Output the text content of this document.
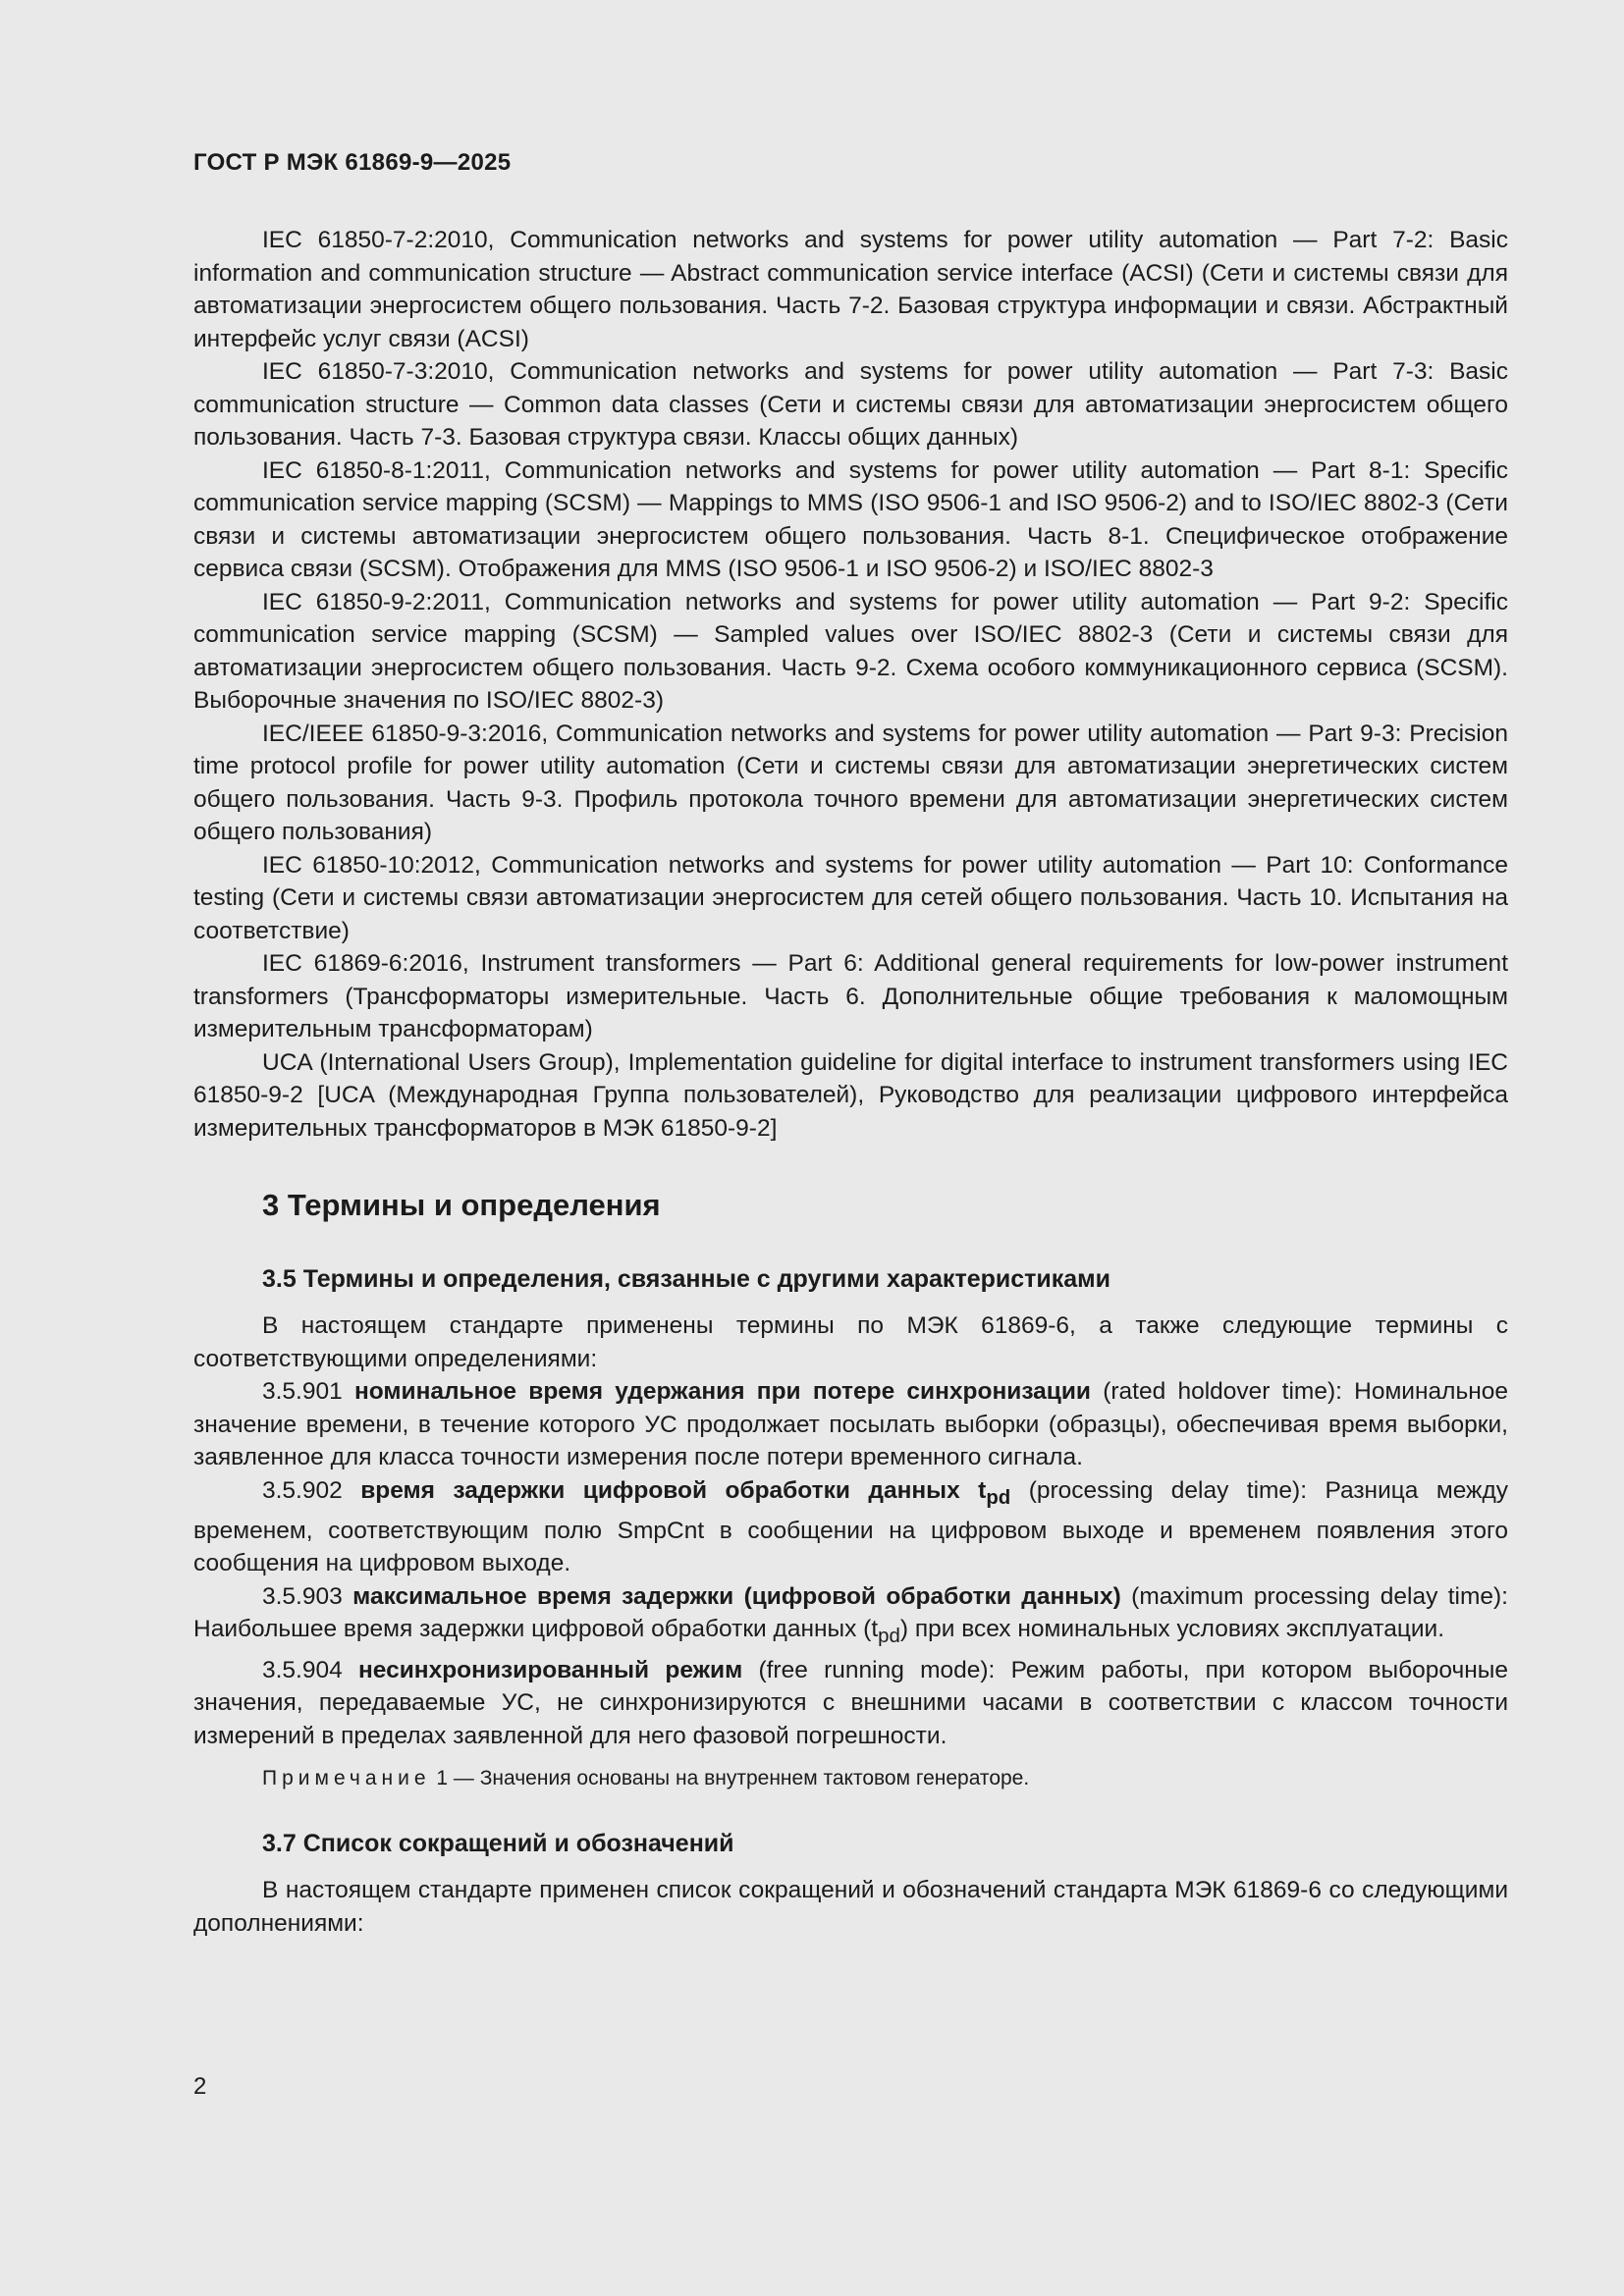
ГОСТ Р МЭК 61869-9—2025

IEC 61850-7-2:2010, Communication networks and systems for power utility automation — Part 7-2: Basic information and communication structure — Abstract communication service interface (ACSI) (Сети и системы связи для автоматизации энергосистем общего пользования. Часть 7-2. Базовая структура информации и связи. Абстрактный интерфейс услуг связи (ACSI)

IEC 61850-7-3:2010, Communication networks and systems for power utility automation — Part 7-3: Basic communication structure — Common data classes (Сети и системы связи для автоматизации энергосистем общего пользования. Часть 7-3. Базовая структура связи. Классы общих данных)

IEC 61850-8-1:2011, Communication networks and systems for power utility automation — Part 8-1: Specific communication service mapping (SCSM) — Mappings to MMS (ISO 9506-1 and ISO 9506-2) and to ISO/IEC 8802-3 (Сети связи и системы автоматизации энергосистем общего пользования. Часть 8-1. Специфическое отображение сервиса связи (SCSM). Отображения для MMS (ISO 9506-1 и ISO 9506-2) и ISO/IEC 8802-3

IEC 61850-9-2:2011, Communication networks and systems for power utility automation — Part 9-2: Specific communication service mapping (SCSM) — Sampled values over ISO/IEC 8802-3 (Сети и системы связи для автоматизации энергосистем общего пользования. Часть 9-2. Схема особого коммуникационного сервиса (SCSM). Выборочные значения по ISO/IEC 8802-3)

IEC/IEEE 61850-9-3:2016, Communication networks and systems for power utility automation — Part 9-3: Precision time protocol profile for power utility automation (Сети и системы связи для автоматизации энергетических систем общего пользования. Часть 9-3. Профиль протокола точного времени для автоматизации энергетических систем общего пользования)

IEC 61850-10:2012, Communication networks and systems for power utility automation — Part 10: Conformance testing (Сети и системы связи автоматизации энергосистем для сетей общего пользования. Часть 10. Испытания на соответствие)

IEC 61869-6:2016, Instrument transformers — Part 6: Additional general requirements for low-power instrument transformers (Трансформаторы измерительные. Часть 6. Дополнительные общие требования к маломощным измерительным трансформаторам)

UCA (International Users Group), Implementation guideline for digital interface to instrument transformers using IEC 61850-9-2 [UCA (Международная Группа пользователей), Руководство для реализации цифрового интерфейса измерительных трансформаторов в МЭК 61850-9-2]

3 Термины и определения
3.5 Термины и определения, связанные с другими характеристиками

В настоящем стандарте применены термины по МЭК 61869-6, а также следующие термины с соответствующими определениями:

3.5.901 номинальное время удержания при потере синхронизации (rated holdover time): Номинальное значение времени, в течение которого УС продолжает посылать выборки (образцы), обеспечивая время выборки, заявленное для класса точности измерения после потери временного сигнала.

3.5.902 время задержки цифровой обработки данных $t_{pd}$ (processing delay time): Разница между временем, соответствующим полю SmpCnt в сообщении на цифровом выходе и временем появления этого сообщения на цифровом выходе.

3.5.903 максимальное время задержки (цифровой обработки данных) (maximum processing delay time): Наибольшее время задержки цифровой обработки данных $(t_{pd})$ при всех номинальных условиях эксплуатации.

3.5.904 несинхронизированный режим (free running mode): Режим работы, при котором выборочные значения, передаваемые УС, не синхронизируются с внешними часами в соответствии с классом точности измерений в пределах заявленной для него фазовой погрешности.

Примечание 1 — Значения основаны на внутреннем тактовом генераторе.
3.7 Список сокращений и обозначений

В настоящем стандарте применен список сокращений и обозначений стандарта МЭК 61869-6 со следующими дополнениями:

2
